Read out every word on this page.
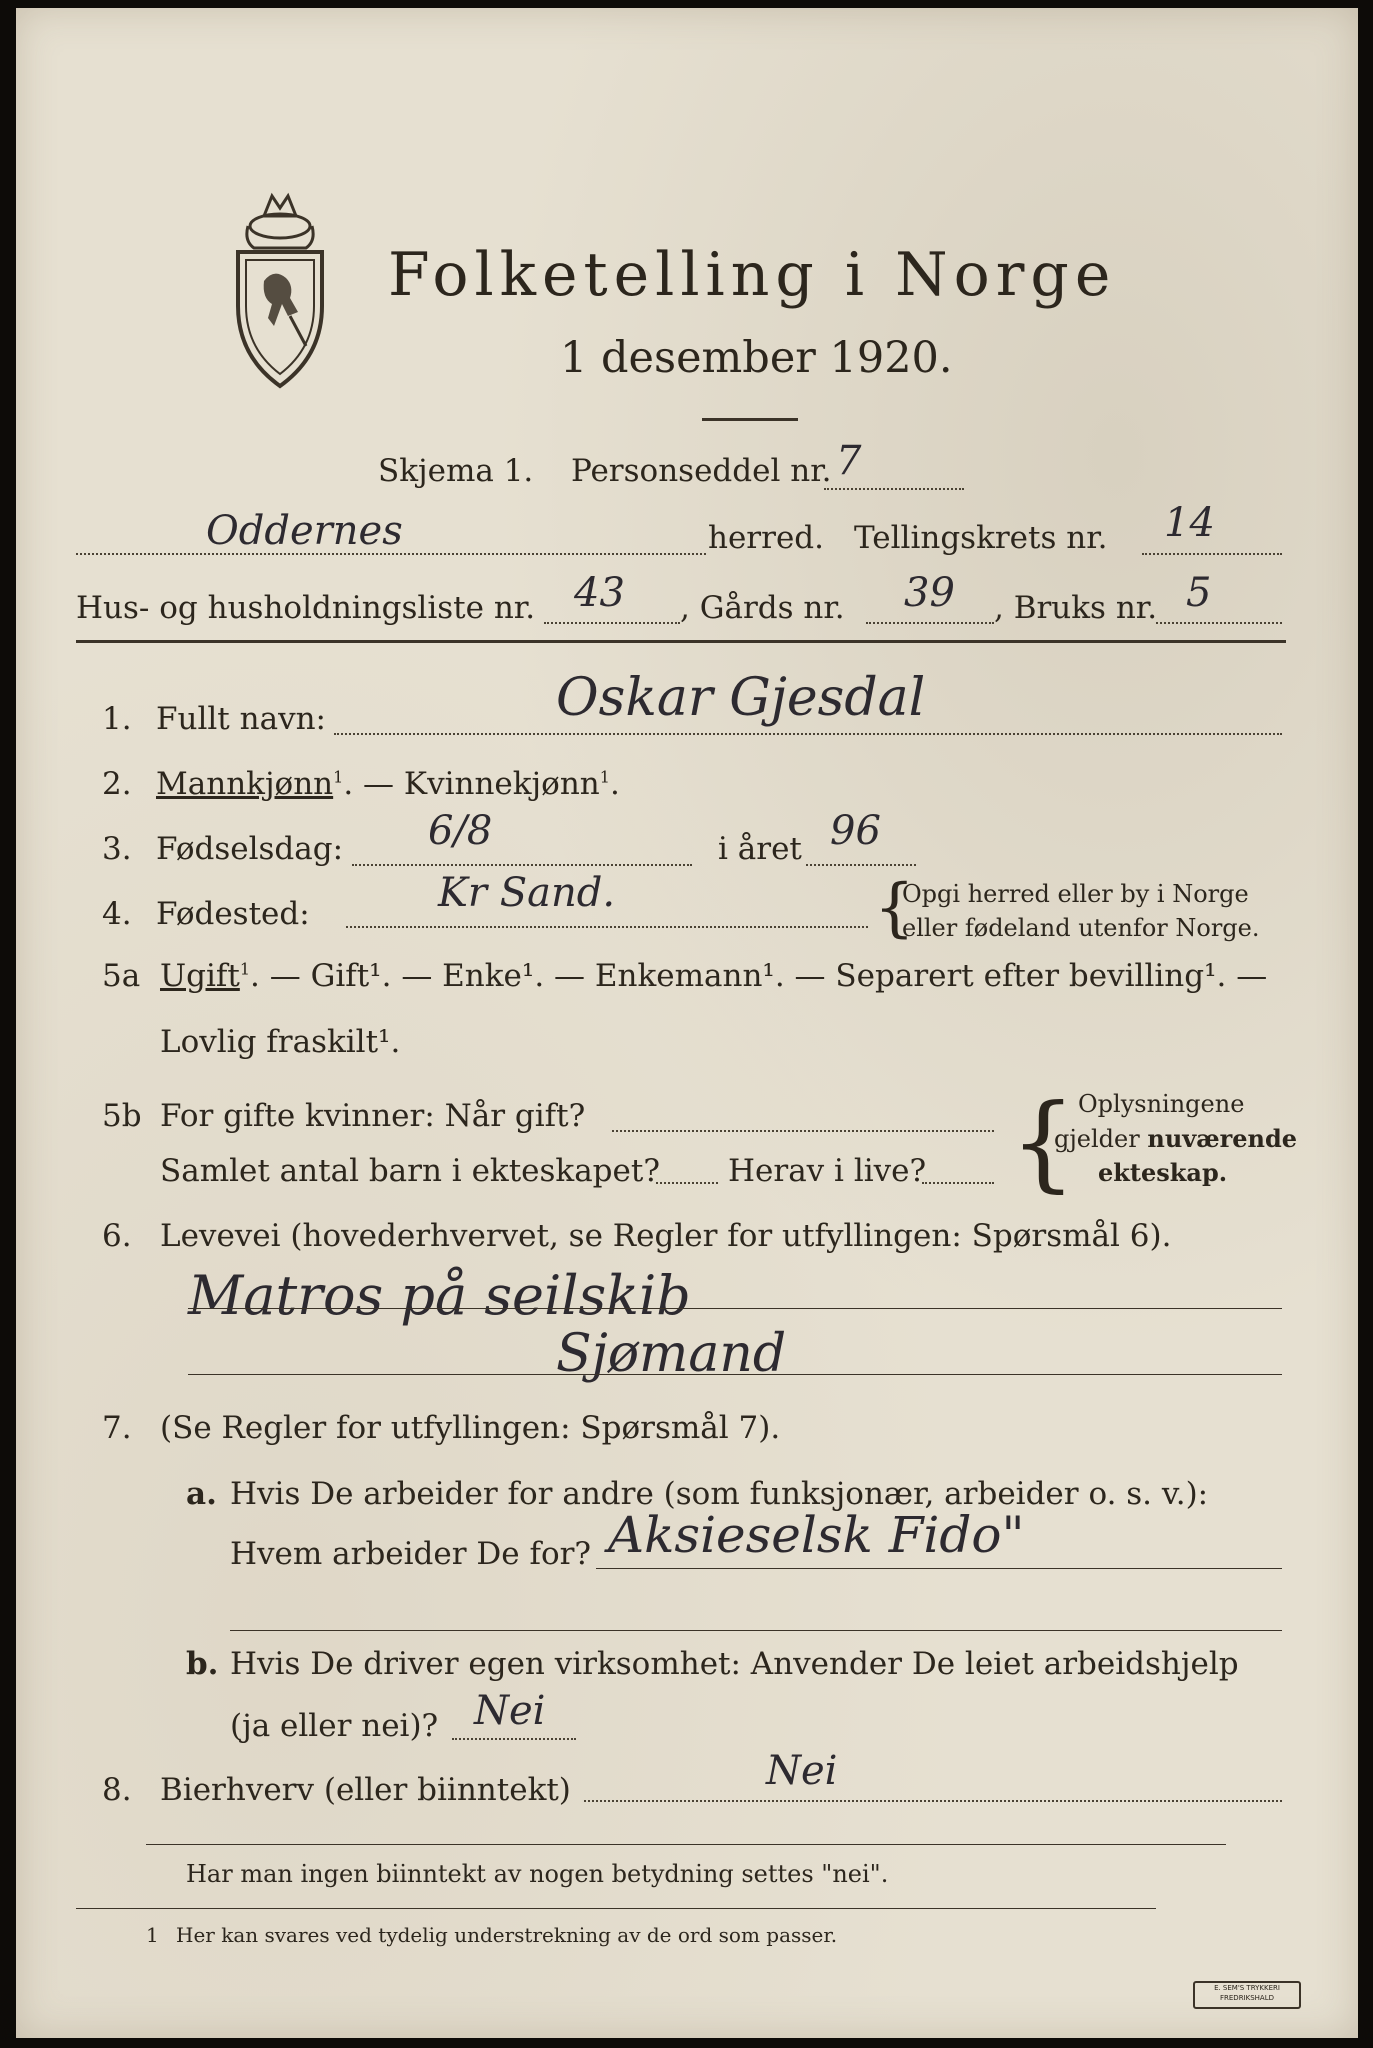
Folketelling i Norge
1 desember 1920.
Skjema 1. Personseddel nr. 7
Oddernes	herred. Tellingskrets nr. 14
Hus- og husholdningsliste nr. 43 , Gårds nr. 39 , Bruks nr. 5
1. Fullt navn:	Oskar Gjesdal
2. Mannkjønn$^1$. — Kvinnekjønn$^1$.
3. Fødselsdag: 6/8	i året 96
4. Fødested:	Kr Sand.	{
Opgi herred eller by i Norge
eller fødeland utenfor Norge.
5a Ugift$^1$. — Gift¹. — Enke¹. — Enkemann¹. — Separert efter bevilling¹. —
Lovlig fraskilt¹.
5b For gifte kvinner: Når gift?
Samlet antal barn i ekteskapet? Herav i live? { Oplysningene
gjelder nuværende
ekteskap.
6. Levevei (hovederhvervet, se Regler for utfyllingen: Spørsmål 6).
Matros på seilskib
Sjømand
7. (Se Regler for utfyllingen: Spørsmål 7).
a. Hvis De arbeider for andre (som funksjonær, arbeider o. s. v.):
Hvem arbeider De for? Aksieselsk Fido"
b. Hvis De driver egen virksomhet: Anvender De leiet arbeidshjelp
(ja eller nei)? Nei
8. Bierhverv (eller biinntekt)	Nei
Har man ingen biinntekt av nogen betydning settes "nei".
1 Her kan svares ved tydelig understrekning av de ord som passer.
E. SEM'S TRYKKERI
FREDRIKSHALD
